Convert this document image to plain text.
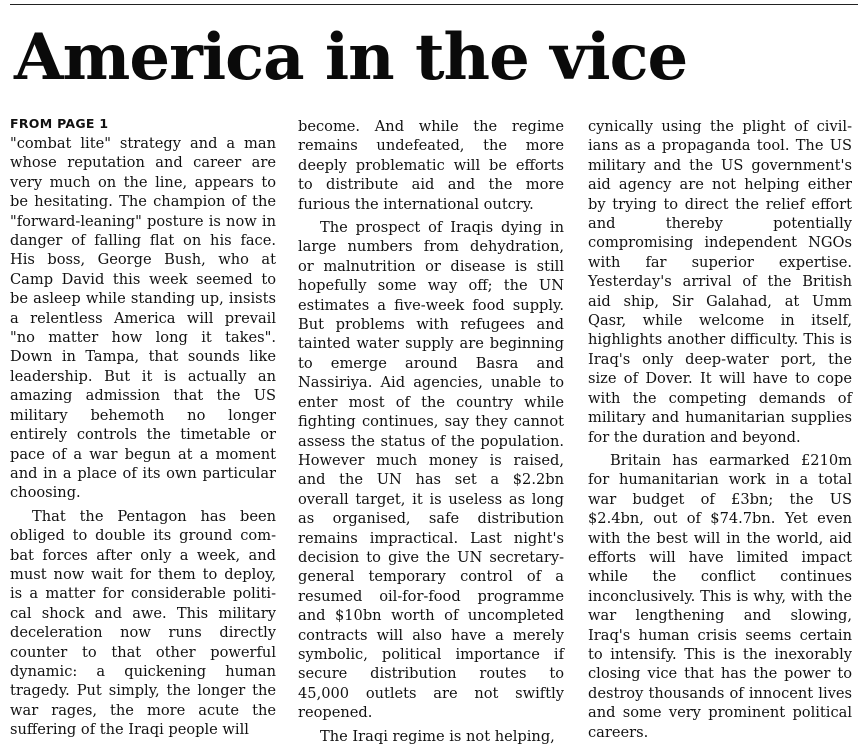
America in the vice
FROM PAGE 1

"combat lite" strategy and a man whose reputation and career are very much on the line, appears to be hesitating. The champion of the "forward-leaning" posture is now in danger of falling flat on his face. His boss, George Bush, who at Camp David this week seemed to be asleep while standing up, insists a relentless America will prevail "no matter how long it takes". Down in Tampa, that sounds like leadership. But it is actually an amazing admission that the US military behemoth no longer entirely controls the timetable or pace of a war begun at a moment and in a place of its own particular choosing.

That the Pentagon has been obliged to double its ground combat forces after only a week, and must now wait for them to deploy, is a matter for considerable political shock and awe. This military deceleration now runs directly counter to that other powerful dynamic: a quickening human tragedy. Put simply, the longer the war rages, the more acute the suffering of the Iraqi people will

become. And while the regime remains undefeated, the more deeply problematic will be efforts to distribute aid and the more furious the international outcry.

The prospect of Iraqis dying in large numbers from dehydration, or malnutrition or disease is still hopefully some way off; the UN estimates a five-week food supply. But problems with refugees and tainted water supply are beginning to emerge around Basra and Nassiriya. Aid agencies, unable to enter most of the country while fighting continues, say they cannot assess the status of the population. However much money is raised, and the UN has set a $2.2bn overall target, it is useless as long as organised, safe distribution remains impractical. Last night's decision to give the UN secretary-general temporary control of a resumed oil-for-food programme and $10bn worth of uncompleted contracts will also have a merely symbolic, political importance if secure distribution routes to 45,000 outlets are not swiftly reopened.

The Iraqi regime is not helping,

cynically using the plight of civilians as a propaganda tool. The US military and the US government's aid agency are not helping either by trying to direct the relief effort and thereby potentially compromising independent NGOs with far superior expertise. Yesterday's arrival of the British aid ship, Sir Galahad, at Umm Qasr, while welcome in itself, highlights another difficulty. This is Iraq's only deep-water port, the size of Dover. It will have to cope with the competing demands of military and humanitarian supplies for the duration and beyond.

Britain has earmarked £210m for humanitarian work in a total war budget of £3bn; the US $2.4bn, out of $74.7bn. Yet even with the best will in the world, aid efforts will have limited impact while the conflict continues inconclusively. This is why, with the war lengthening and slowing, Iraq's human crisis seems certain to intensify. This is the inexorably closing vice that has the power to destroy thousands of innocent lives and some very prominent political careers.
